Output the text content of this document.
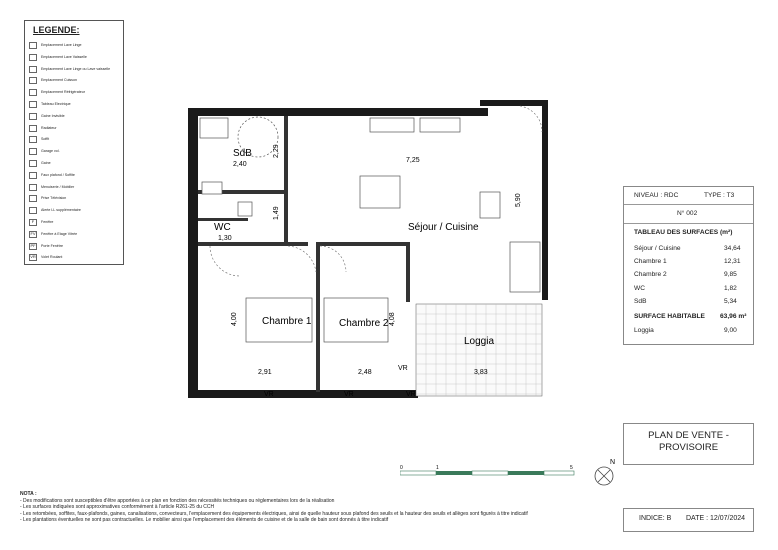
LEGENDE:
Emplacement Lave Linge
Emplacement Lave Vaisselle
Emplacement Lave Linge ou Lave vaisselle
Emplacement Cuisson
Emplacement Réfrigérateur
Tableau Electrique
Gaine Invisible
Radiateur
Soffit
Garage vol.
Gaine
Faux plafond / Soffite
Menuiserie / Mobilier
Prise Télévision
Alerte LL supplémentaire
F	Fenêtre
FV	Fenêtre à Etage Vitrée
PF	Porte Fenêtre
VR	Volet Roulant
SdB
2,40
WC
1,30
Séjour / Cuisine
Chambre 1	Chambre 2
Loggia
7,25
5,90
2,91	2,48	3,83
4,00	4,08
2,29
1,49
VR	VR
VR
VR
NIVEAU : RDC	TYPE : T3
N° 002
TABLEAU DES SURFACES (m²)
Séjour / Cuisine	34,64
Chambre 1	12,31
Chambre 2	9,85
WC	1,82
SdB	5,34
SURFACE HABITABLE 63,96 m²
Loggia	9,00
PLAN DE VENTE -
PROVISOIRE
INDICE: B DATE : 12/07/2024
0	1	5
N
NOTA :
- Des modifications sont susceptibles d'être apportées à ce plan en fonction des nécessités techniques ou réglementaires lors de la réalisation
- Les surfaces indiquées sont approximatives conformément à l'article R261-25 du CCH
- Les retombées, soffites, faux-plafonds, gaines, canalisations, convecteurs, l'emplacement des équipements électriques, ainsi de quelle hauteur sous plafond des seuils et la hauteur des seuils et allèges sont figurés à titre indicatif
- Les plantations éventuelles ne sont pas contractuelles. Le mobilier ainsi que l'emplacement des éléments de cuisine et de la salle de bain sont donnés à titre indicatif
